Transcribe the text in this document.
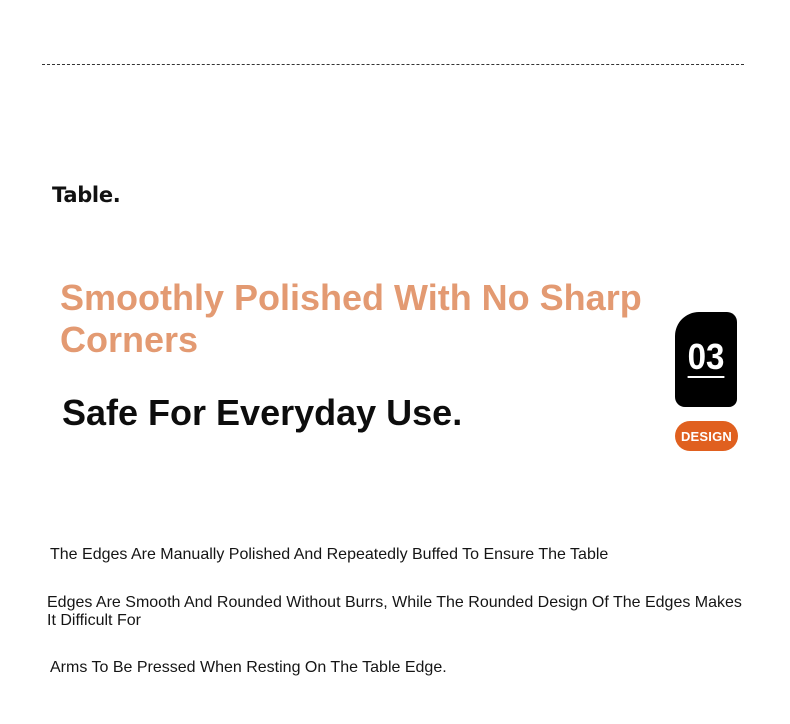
Table.
Smoothly Polished With No Sharp Corners
Safe For Everyday Use.
03
DESIGN

The Edges Are Manually Polished And Repeatedly Buffed To Ensure The Table

Edges Are Smooth And Rounded Without Burrs, While The Rounded Design Of The Edges Makes It Difficult For

Arms To Be Pressed When Resting On The Table Edge.
